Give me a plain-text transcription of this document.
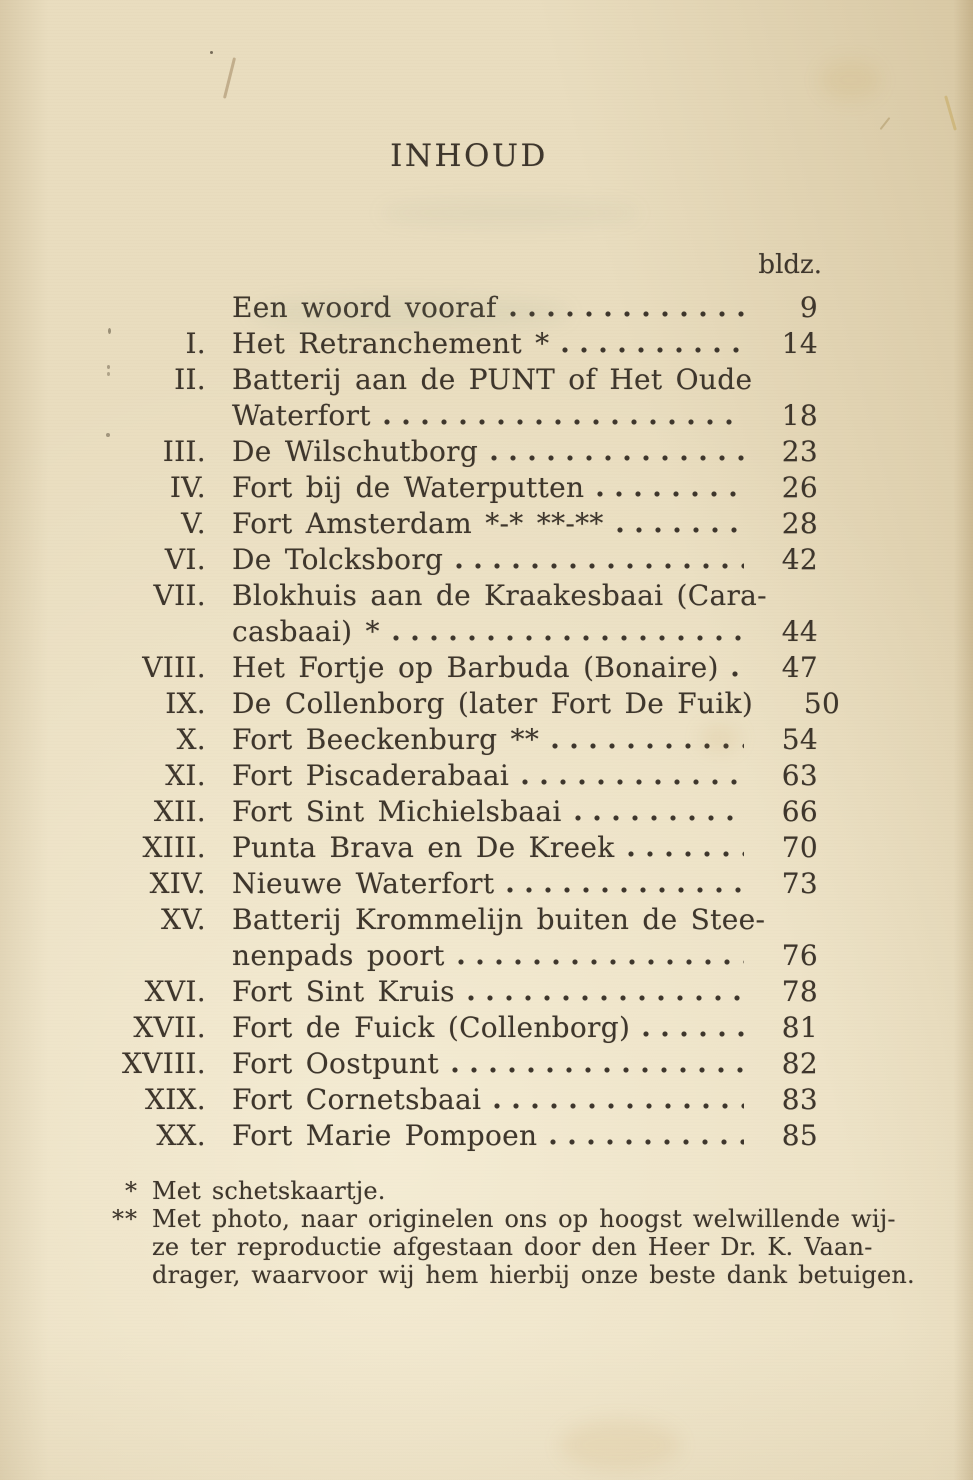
INHOUD
bldz.
Een woord vooraf	9
I. Het Retranchement *	14
II. Batterij aan de PUNT of Het Oude
Waterfort	18
III. De Wilschutborg	23
IV. Fort bij de Waterputten	26
V. Fort Amsterdam *-* **-**	28
VI. De Tolcksborg	42
VII. Blokhuis aan de Kraakesbaai (Cara-
casbaai) *	44
VIII. Het Fortje op Barbuda (Bonaire)	47
IX. De Collenborg (later Fort De Fuik)	50
X. Fort Beeckenburg **	54
XI. Fort Piscaderabaai	63
XII. Fort Sint Michielsbaai	66
XIII. Punta Brava en De Kreek	70
XIV. Nieuwe Waterfort	73
XV. Batterij Krommelijn buiten de Stee-
nenpads poort	76
XVI. Fort Sint Kruis	78
XVII. Fort de Fuick (Collenborg)	81
XVIII. Fort Oostpunt	82
XIX. Fort Cornetsbaai	83
XX. Fort Marie Pompoen	85
* Met schetskaartje.
** Met photo, naar originelen ons op hoogst welwillende wij-
ze ter reproductie afgestaan door den Heer Dr. K. Vaan-
drager, waarvoor wij hem hierbij onze beste dank betuigen.
